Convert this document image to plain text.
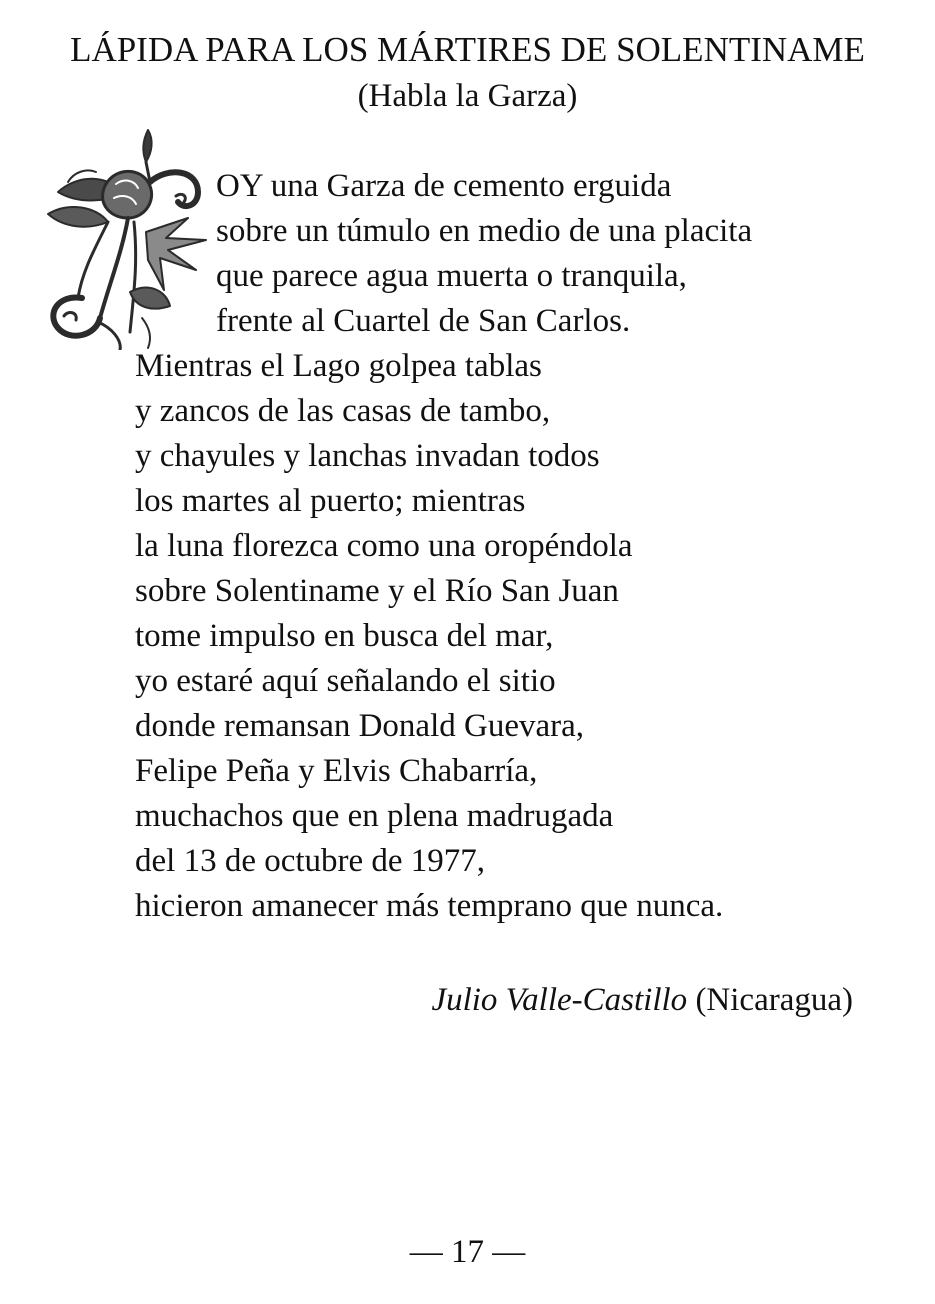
LÁPIDA PARA LOS MÁRTIRES DE SOLENTINAME
(Habla la Garza)
OY una Garza de cemento erguida
sobre un túmulo en medio de una placita
que parece agua muerta o tranquila,
frente al Cuartel de San Carlos.
Mientras el Lago golpea tablas
y zancos de las casas de tambo,
y chayules y lanchas invadan todos
los martes al puerto; mientras
la luna florezca como una oropéndola
sobre Solentiname y el Río San Juan
tome impulso en busca del mar,
yo estaré aquí señalando el sitio
donde remansan Donald Guevara,
Felipe Peña y Elvis Chabarría,
muchachos que en plena madrugada
del 13 de octubre de 1977,
hicieron amanecer más temprano que nunca.
Julio Valle-Castillo (Nicaragua)
— 17 —
